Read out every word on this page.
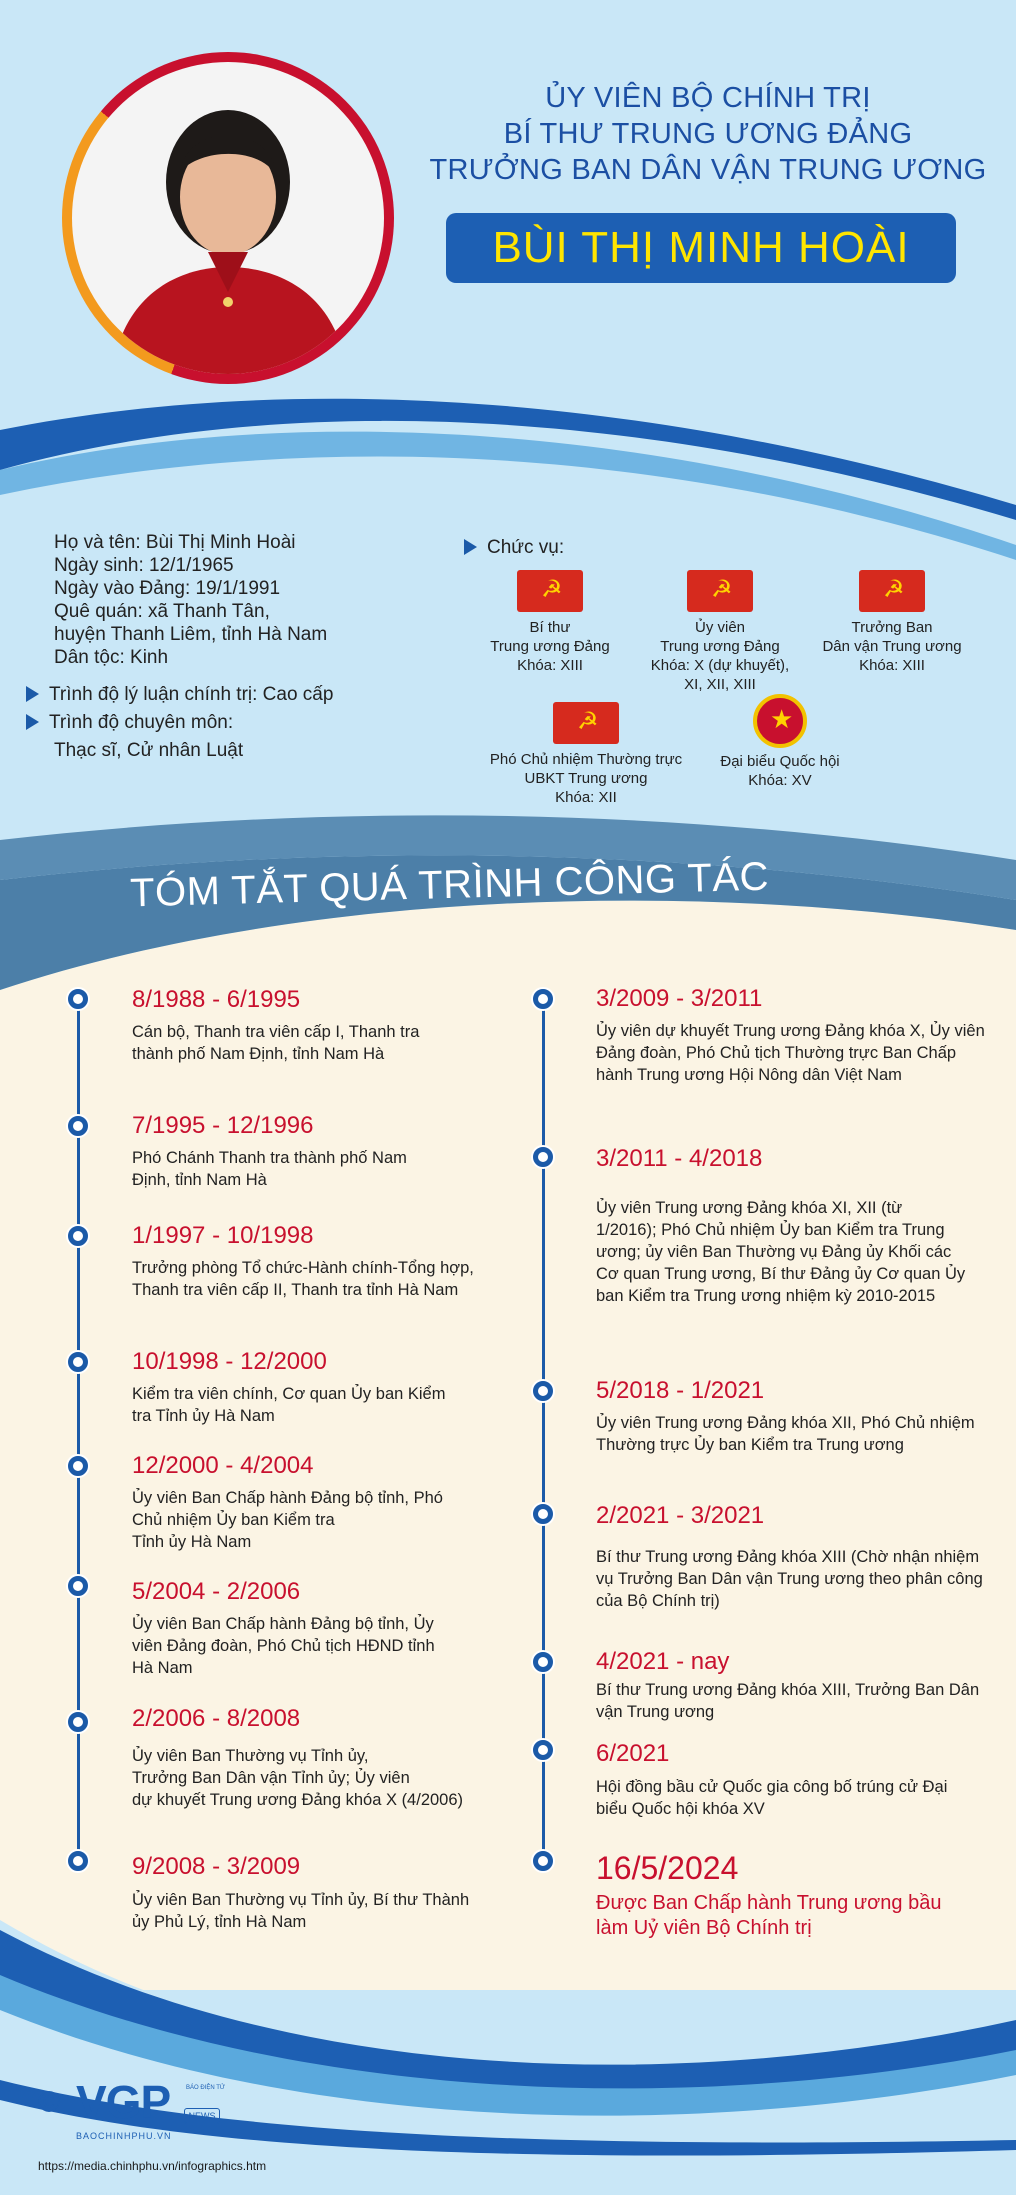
ỦY VIÊN BỘ CHÍNH TRỊ
BÍ THƯ TRUNG ƯƠNG ĐẢNG
TRƯỞNG BAN DÂN VẬN TRUNG ƯƠNG
BÙI THỊ MINH HOÀI
Họ và tên: Bùi Thị Minh Hoài
Ngày sinh: 12/1/1965
Ngày vào Đảng: 19/1/1991
Quê quán: xã Thanh Tân,
huyện Thanh Liêm, tỉnh Hà Nam
Dân tộc: Kinh
Trình độ lý luận chính trị: Cao cấp
Trình độ chuyên môn:
Thạc sĩ, Cử nhân Luật
Chức vụ:
☭
Bí thư
Trung ương Đảng
Khóa: XIII
☭
Ủy viên
Trung ương Đảng
Khóa: X (dự khuyết),
XI, XII, XIII
☭
Trưởng Ban
Dân vận Trung ương
Khóa: XIII
☭
Phó Chủ nhiệm Thường trực
UBKT Trung ương
Khóa: XII
★
Đại biểu Quốc hội
Khóa: XV
TÓM TẮT QUÁ TRÌNH CÔNG TÁC
8/1988 - 6/1995
Cán bộ, Thanh tra viên cấp I, Thanh tra
thành phố Nam Định, tỉnh Nam Hà
7/1995 - 12/1996
Phó Chánh Thanh tra thành phố Nam
Định, tỉnh Nam Hà
1/1997 - 10/1998
Trưởng phòng Tổ chức-Hành chính-Tổng hợp,
Thanh tra viên cấp II, Thanh tra tỉnh Hà Nam
10/1998 - 12/2000
Kiểm tra viên chính, Cơ quan Ủy ban Kiểm
tra Tỉnh ủy Hà Nam
12/2000 - 4/2004
Ủy viên Ban Chấp hành Đảng bộ tỉnh, Phó
Chủ nhiệm Ủy ban Kiểm tra
Tỉnh ủy Hà Nam
5/2004 - 2/2006
Ủy viên Ban Chấp hành Đảng bộ tỉnh, Ủy
viên Đảng đoàn, Phó Chủ tịch HĐND tỉnh
Hà Nam
2/2006 - 8/2008
Ủy viên Ban Thường vụ Tỉnh ủy,
Trưởng Ban Dân vận Tỉnh ủy; Ủy viên
dự khuyết Trung ương Đảng khóa X (4/2006)
9/2008 - 3/2009
Ủy viên Ban Thường vụ Tỉnh ủy, Bí thư Thành
ủy Phủ Lý, tỉnh Hà Nam
3/2009 - 3/2011
Ủy viên dự khuyết Trung ương Đảng khóa X, Ủy viên
Đảng đoàn, Phó Chủ tịch Thường trực Ban Chấp
hành Trung ương Hội Nông dân Việt Nam
3/2011 - 4/2018
Ủy viên Trung ương Đảng khóa XI, XII (từ
1/2016); Phó Chủ nhiệm Ủy ban Kiểm tra Trung
ương; ủy viên Ban Thường vụ Đảng ủy Khối các
Cơ quan Trung ương, Bí thư Đảng ủy Cơ quan Ủy
ban Kiểm tra Trung ương nhiệm kỳ 2010-2015
5/2018 - 1/2021
Ủy viên Trung ương Đảng khóa XII, Phó Chủ nhiệm
Thường trực Ủy ban Kiểm tra Trung ương
2/2021 - 3/2021
Bí thư Trung ương Đảng khóa XIII (Chờ nhận nhiệm
vụ Trưởng Ban Dân vận Trung ương theo phân công
của Bộ Chính trị)
4/2021 - nay
Bí thư Trung ương Đảng khóa XIII, Trưởng Ban Dân
vận Trung ương
6/2021
Hội đồng bầu cử Quốc gia công bố trúng cử Đại
biểu Quốc hội khóa XV
16/5/2024
Được Ban Chấp hành Trung ương bầu
làm Uỷ viên Bộ Chính trị
© VGP	BÁO ĐIỆN TỬ
NEWS
BAOCHINHPHU.VN
https://media.chinhphu.vn/infographics.htm
